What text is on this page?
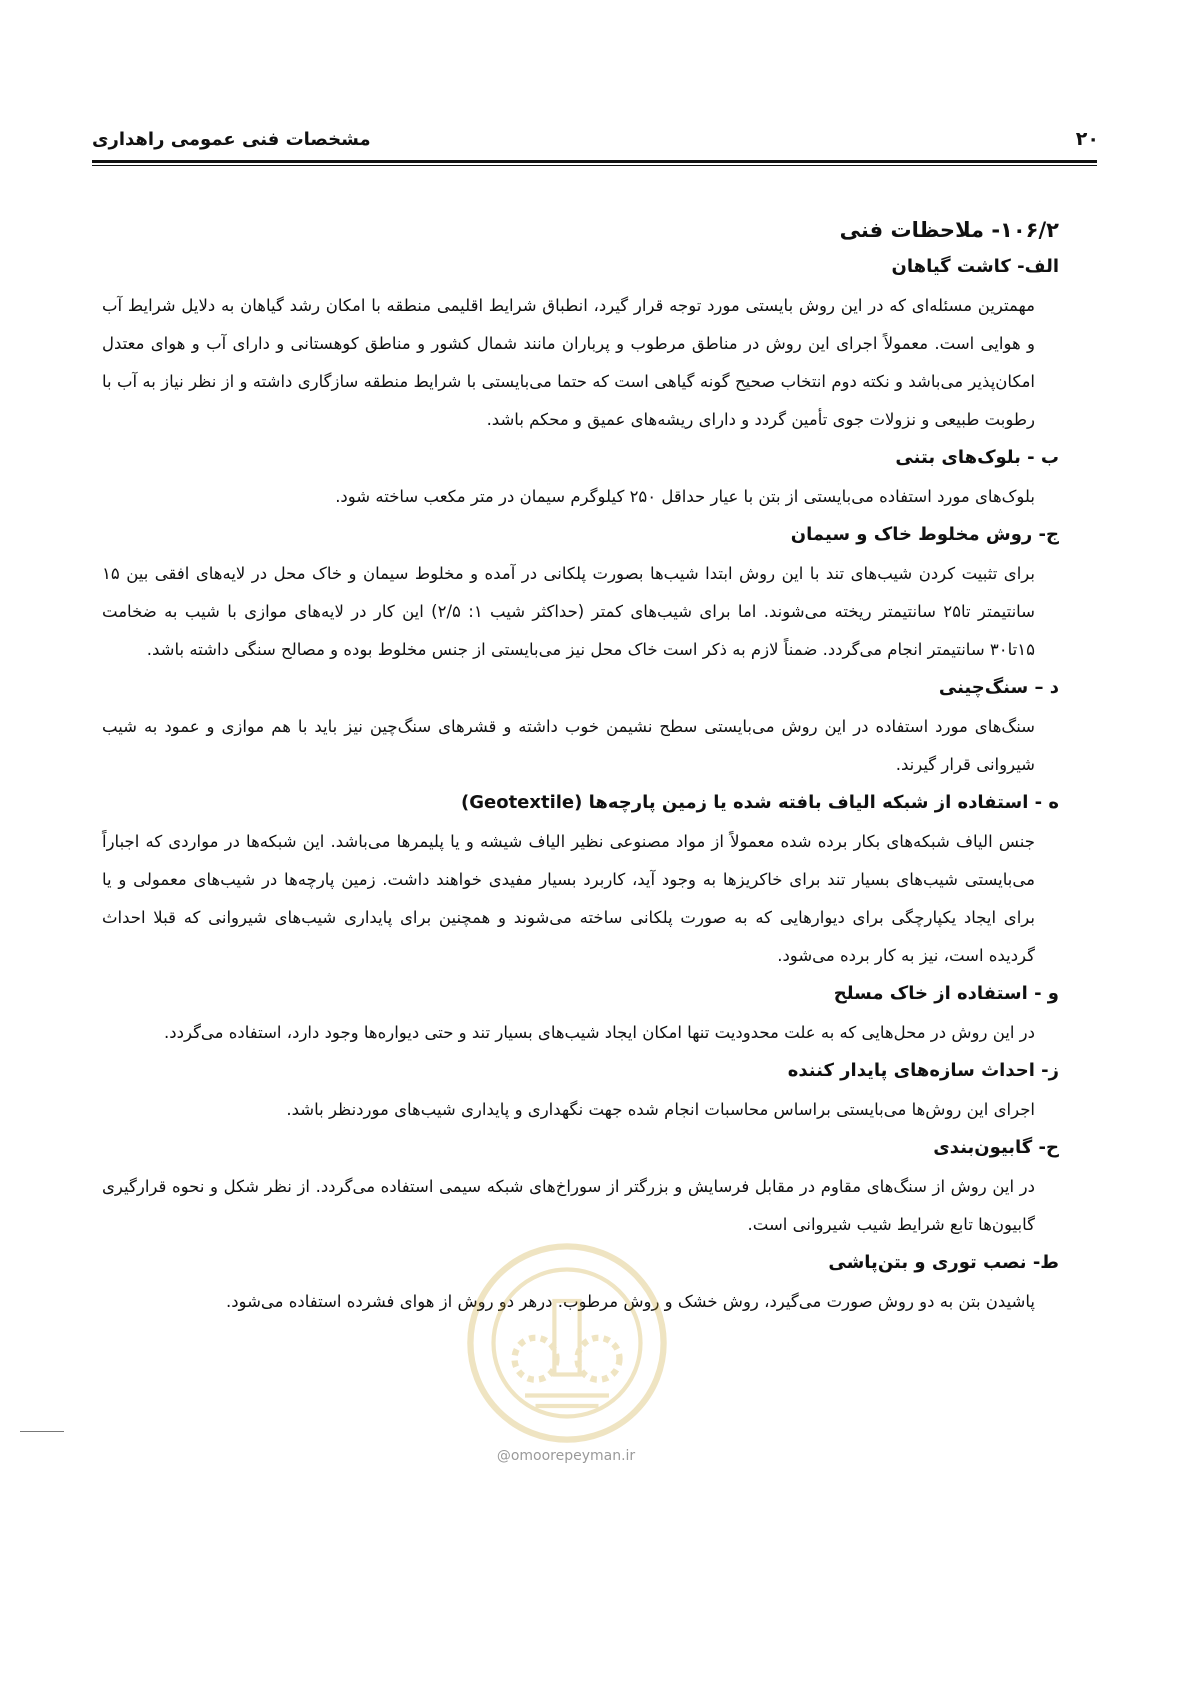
۲۰
مشخصات فنی عمومی راهداری
۱۰۶/۲- ملاحظات فنی
الف- کاشت گیاهان
مهمترین مسئله‌ای که در این روش بایستی مورد توجه قرار گیرد، انطباق شرایط اقلیمی منطقه با امکان رشد گیاهان به دلایل شرایط آب و هوایی است. معمولاً اجرای این روش در مناطق مرطوب و پرباران مانند شمال کشور و مناطق کوهستانی و دارای آب و هوای معتدل امکان‌پذیر می‌باشد و نکته دوم انتخاب صحیح گونه گیاهی است که حتما می‌بایستی با شرایط منطقه سازگاری داشته و از نظر نیاز به آب با رطوبت طبیعی و نزولات جوی تأمین گردد و دارای ریشه‌های عمیق و محکم باشد.
ب - بلوک‌های بتنی
بلوک‌های مورد استفاده می‌بایستی از بتن با عیار حداقل ۲۵۰ کیلوگرم سیمان در متر مکعب ساخته شود.
ج- روش مخلوط خاک و سیمان
برای تثبیت کردن شیب‌های تند با این روش ابتدا شیب‌ها بصورت پلکانی در آمده و مخلوط سیمان و خاک محل در لایه‌های افقی بین ۱۵ سانتیمتر تا۲۵ سانتیمتر ریخته می‌شوند. اما برای شیب‌های کمتر (حداکثر شیب ۱: ۲/۵) این کار در لایه‌های موازی با شیب به ضخامت ۱۵تا۳۰ سانتیمتر انجام می‌گردد. ضمناً لازم به ذکر است خاک محل نیز می‌بایستی از جنس مخلوط بوده و مصالح سنگی داشته باشد.
د – سنگ‌چینی
سنگ‌های مورد استفاده در این روش می‌بایستی سطح نشیمن خوب داشته و قشرهای سنگ‌چین نیز باید با هم موازی و عمود به شیب شیروانی قرار گیرند.
ه - استفاده از شبکه الیاف بافته شده یا زمین پارچه‌ها (Geotextile)
جنس الیاف شبکه‌های بکار برده شده معمولاً از مواد مصنوعی نظیر الیاف شیشه و یا پلیمرها می‌باشد. این شبکه‌ها در مواردی که اجباراً می‌بایستی شیب‌های بسیار تند برای خاکریزها به وجود آید، کاربرد بسیار مفیدی خواهند داشت. زمین پارچه‌ها در شیب‌های معمولی و یا برای ایجاد یکپارچگی برای دیوارهایی که به صورت پلکانی ساخته می‌شوند و همچنین برای پایداری شیب‌های شیروانی که قبلا احداث گردیده است، نیز به کار برده می‌شود.
و - استفاده از خاک مسلح
در این روش در محل‌هایی که به علت محدودیت تنها امکان ایجاد شیب‌های بسیار تند و حتی دیواره‌ها وجود دارد، استفاده می‌گردد.
ز- احداث سازه‌های پایدار کننده
اجرای این روش‌ها می‌بایستی براساس محاسبات انجام شده جهت نگهداری و پایداری شیب‌های موردنظر باشد.
ح- گابیون‌بندی
در این روش از سنگ‌های مقاوم در مقابل فرسایش و بزرگتر از سوراخ‌های شبکه سیمی استفاده می‌گردد. از نظر شکل و نحوه قرارگیری گابیون‌ها تابع شرایط شیب شیروانی است.
ط- نصب توری و بتن‌پاشی
پاشیدن بتن به دو روش صورت می‌گیرد، روش خشک و روش مرطوب. درهر دو روش از هوای فشرده استفاده می‌شود.
@omoorepeyman.ir
